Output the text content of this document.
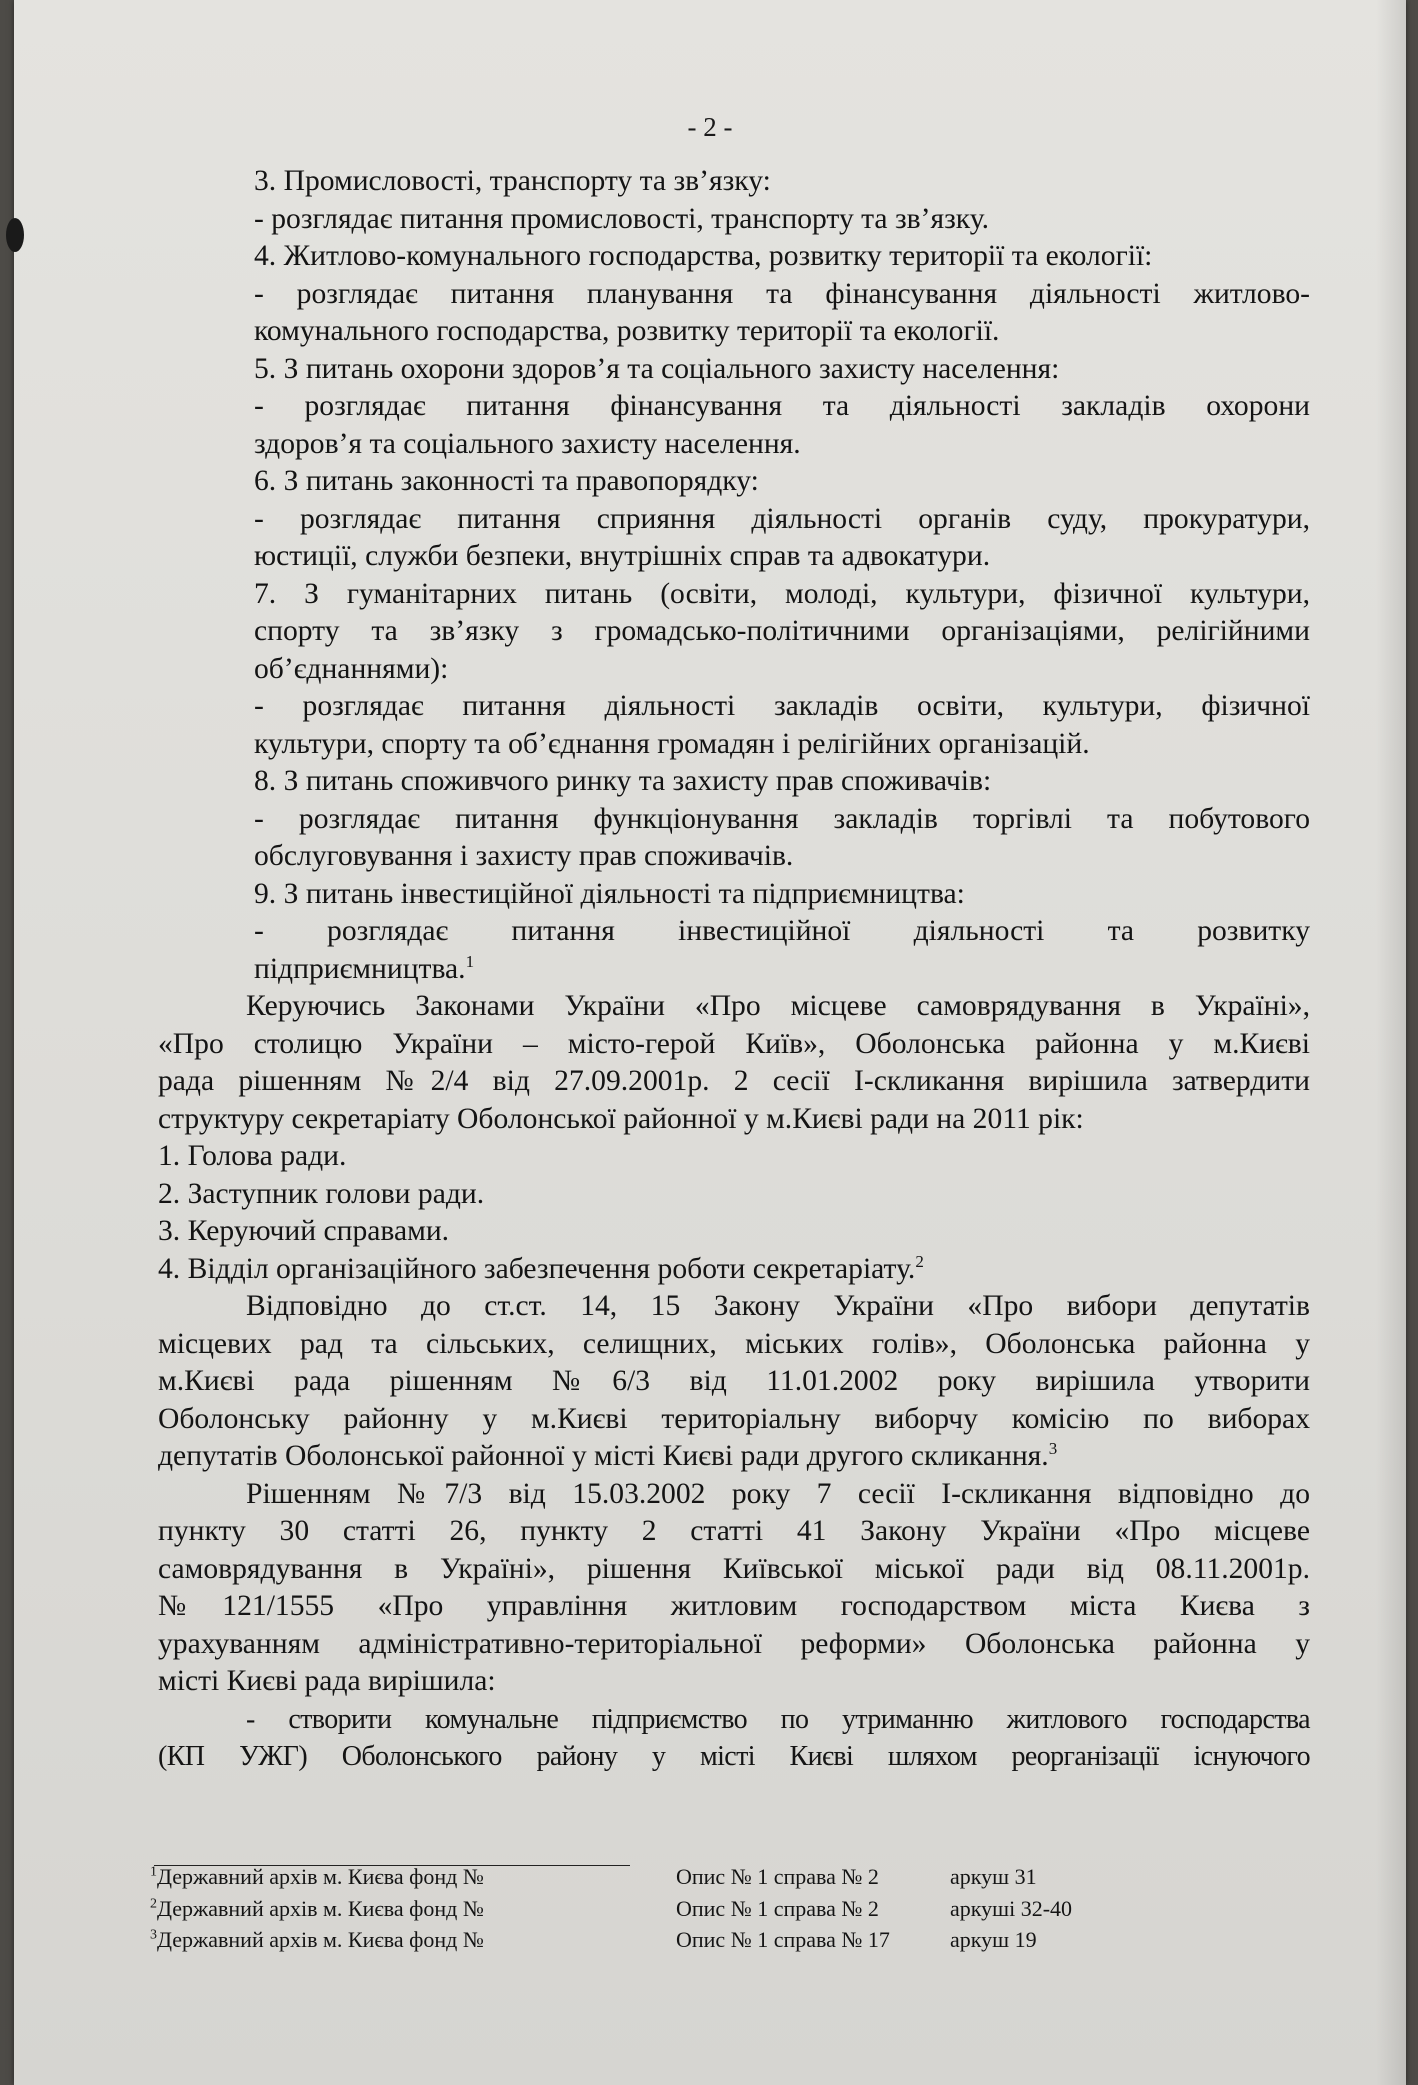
- 2 -

3. Промисловості, транспорту та зв’язку:

- розглядає питання промисловості, транспорту та зв’язку.

4. Житлово-комунального господарства, розвитку території та екології:

- розглядає питання планування та фінансування діяльності житлово-

комунального господарства, розвитку території та екології.

5. З питань охорони здоров’я та соціального захисту населення:

- розглядає питання фінансування та діяльності закладів охорони

здоров’я та соціального захисту населення.

6. З питань законності та правопорядку:

- розглядає питання сприяння діяльності органів суду, прокуратури,

юстиції, служби безпеки, внутрішніх справ та адвокатури.

7. З гуманітарних питань (освіти, молоді, культури, фізичної культури,

спорту та зв’язку з громадсько-політичними організаціями, релігійними

об’єднаннями):

- розглядає питання діяльності закладів освіти, культури, фізичної

культури, спорту та об’єднання громадян і релігійних організацій.

8. З питань споживчого ринку та захисту прав споживачів:

- розглядає питання функціонування закладів торгівлі та побутового

обслуговування і захисту прав споживачів.

9. З питань інвестиційної діяльності та підприємництва:

- розглядає питання інвестиційної діяльності та розвитку

підприємництва.$^1$

Керуючись Законами України «Про місцеве самоврядування в Україні»,

«Про столицю України – місто-герой Київ», Оболонська районна у м.Києві

рада рішенням №2/4 від 27.09.2001р. 2 сесії І-скликання вирішила затвердити

структуру секретаріату Оболонської районної у м.Києві ради на 2011 рік:

1. Голова ради.

2. Заступник голови ради.

3. Керуючий справами.

4. Відділ організаційного забезпечення роботи секретаріату.$^2$

Відповідно до ст.ст. 14, 15 Закону України «Про вибори депутатів

місцевих рад та сільських, селищних, міських голів», Оболонська районна у

м.Києві рада рішенням №6/3 від 11.01.2002 року вирішила утворити

Оболонську районну у м.Києві територіальну виборчу комісію по виборах

депутатів Оболонської районної у місті Києві ради другого скликання.$^3$

Рішенням №7/3 від 15.03.2002 року 7 сесії І-скликання відповідно до

пункту 30 статті 26, пункту 2 статті 41 Закону України «Про місцеве

самоврядування в Україні», рішення Київської міської ради від 08.11.2001р.

№121/1555 «Про управління житловим господарством міста Києва з

урахуванням адміністративно-територіальної реформи» Оболонська районна у

місті Києві рада вирішила:

- створити комунальне підприємство по утриманню житлового господарства

(КП УЖГ) Оболонського району у місті Києві шляхом реорганізації існуючого

$^1$Державний архів м. Києва фонд №	Опис № 1 справа № 2	аркуш 31
$^2$Державний архів м. Києва фонд №	Опис № 1 справа № 2	аркуші 32-40
$^3$Державний архів м. Києва фонд №	Опис № 1 справа № 17	аркуш 19
